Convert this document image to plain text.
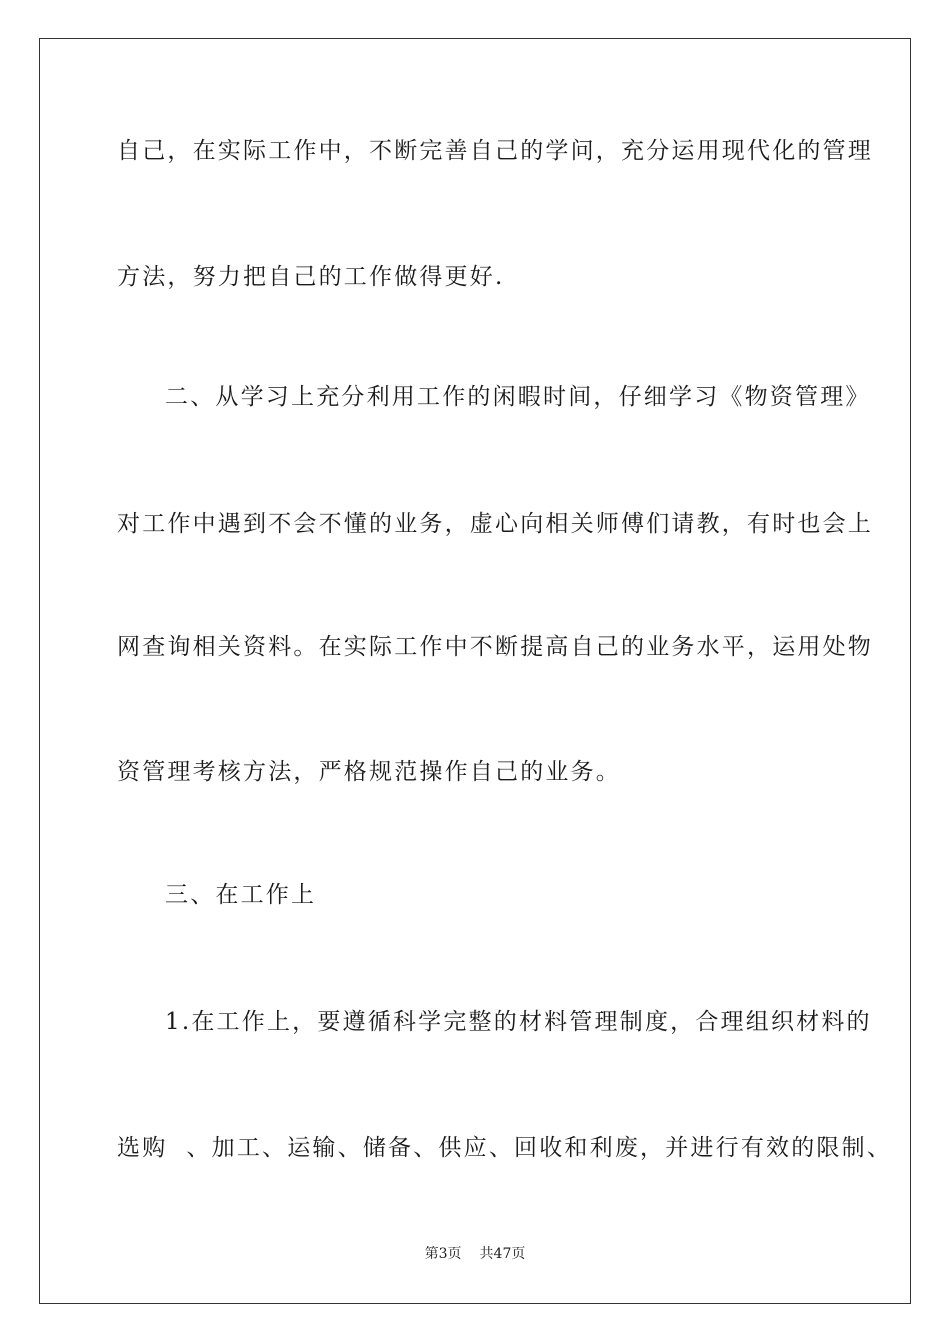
自己，在实际工作中，不断完善自己的学问，充分运用现代化的管理
方法，努力把自己的工作做得更好.
二、从学习上充分利用工作的闲暇时间，仔细学习《物资管理》
对工作中遇到不会不懂的业务，虚心向相关师傅们请教，有时也会上
网查询相关资料。在实际工作中不断提高自己的业务水平，运用处物
资管理考核方法，严格规范操作自己的业务。
三、在工作上
1.在工作上，要遵循科学完整的材料管理制度，合理组织材料的
选购  、加工、运输、储备、供应、回收和利废，并进行有效的限制、
第3页 共47页
